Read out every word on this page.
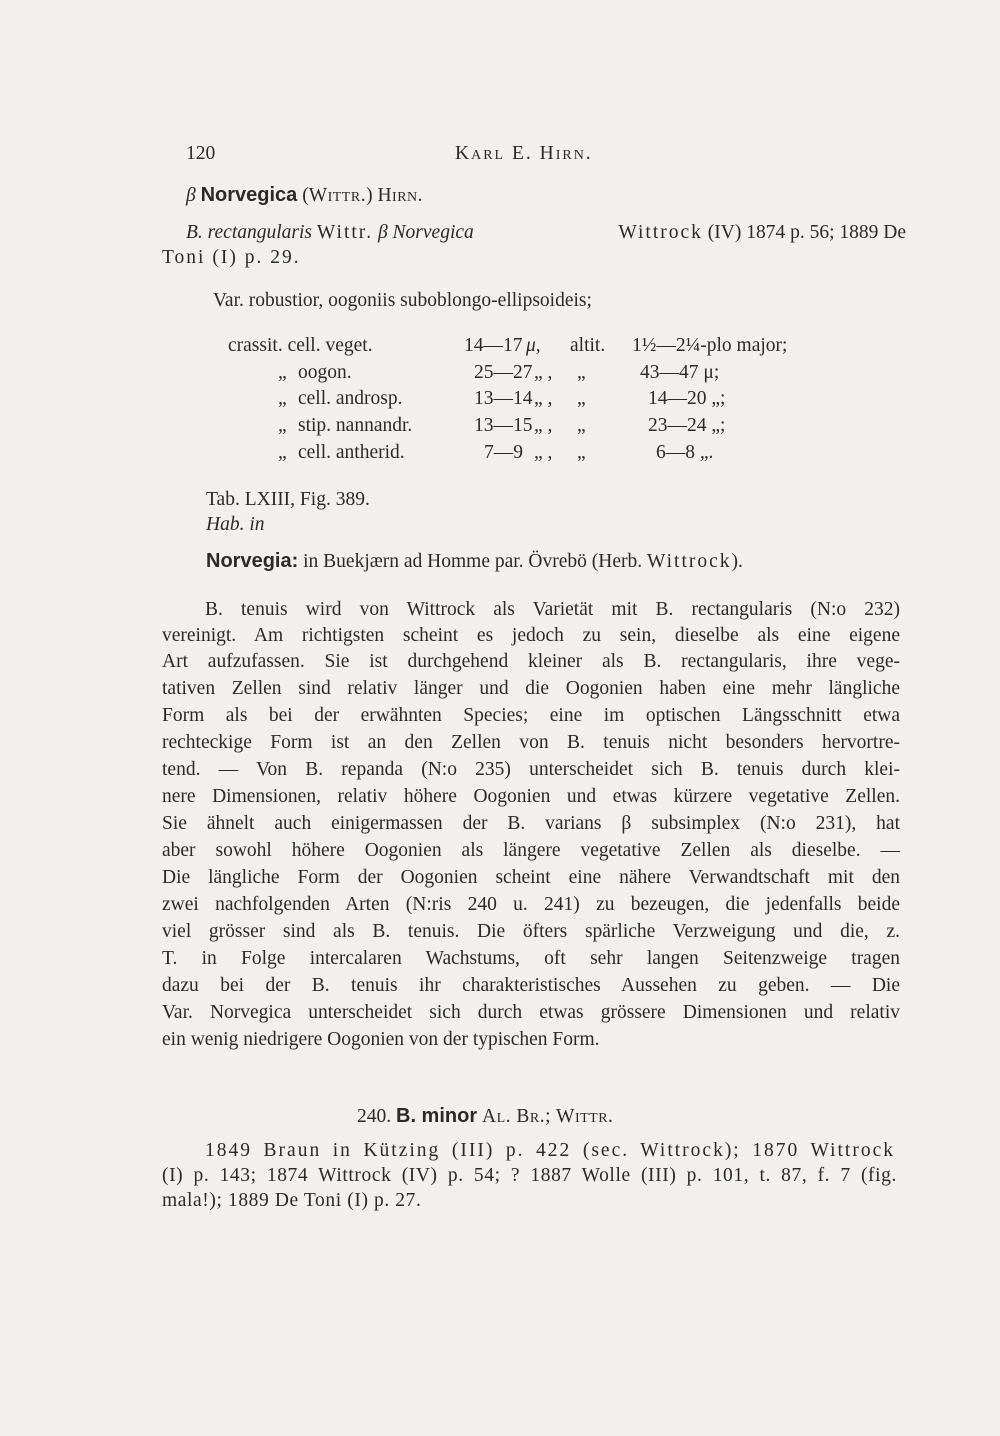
120	Karl E. Hirn.
β Norvegica (Wittr.) Hirn.
B. rectangularis Wittr. β Norvegica	Wittrock (IV) 1874 p. 56; 1889 De
Toni (I) p. 29.
Var. robustior, oogoniis suboblongo-ellipsoideis;
crassit. cell. veget.	14—17 μ, altit. 1½—2¼-plo major;
„ oogon.	25—27 „ , „	43—47 μ;
„ cell. androsp.	13—14 „ , „	14—20 „;
„ stip. nannandr.	13—15 „ , „	23—24 „;
„ cell. antherid.	7—9 „ , „	6—8 „.
Tab. LXIII, Fig. 389.
Hab. in
Norvegia: in Buekjærn ad Homme par. Övrebö (Herb. Wittrock).
B. tenuis wird von Wittrock als Varietät mit B. rectangularis (N:o 232)
vereinigt. Am richtigsten scheint es jedoch zu sein, dieselbe als eine eigene
Art aufzufassen. Sie ist durchgehend kleiner als B. rectangularis, ihre vege-
tativen Zellen sind relativ länger und die Oogonien haben eine mehr längliche
Form als bei der erwähnten Species; eine im optischen Längsschnitt etwa
rechteckige Form ist an den Zellen von B. tenuis nicht besonders hervortre-
tend. — Von B. repanda (N:o 235) unterscheidet sich B. tenuis durch klei-
nere Dimensionen, relativ höhere Oogonien und etwas kürzere vegetative Zellen.
Sie ähnelt auch einigermassen der B. varians β subsimplex (N:o 231), hat
aber sowohl höhere Oogonien als längere vegetative Zellen als dieselbe. —
Die längliche Form der Oogonien scheint eine nähere Verwandtschaft mit den
zwei nachfolgenden Arten (N:ris 240 u. 241) zu bezeugen, die jedenfalls beide
viel grösser sind als B. tenuis. Die öfters spärliche Verzweigung und die, z.
T. in Folge intercalaren Wachstums, oft sehr langen Seitenzweige tragen
dazu bei der B. tenuis ihr charakteristisches Aussehen zu geben. — Die
Var. Norvegica unterscheidet sich durch etwas grössere Dimensionen und relativ
ein wenig niedrigere Oogonien von der typischen Form.
240. B. minor Al. Br.; Wittr.
1849 Braun in Kützing (III) p. 422 (sec. Wittrock); 1870 Wittrock
(I) p. 143; 1874 Wittrock (IV) p. 54; ? 1887 Wolle (III) p. 101, t. 87, f. 7 (fig.
mala!); 1889 De Toni (I) p. 27.
